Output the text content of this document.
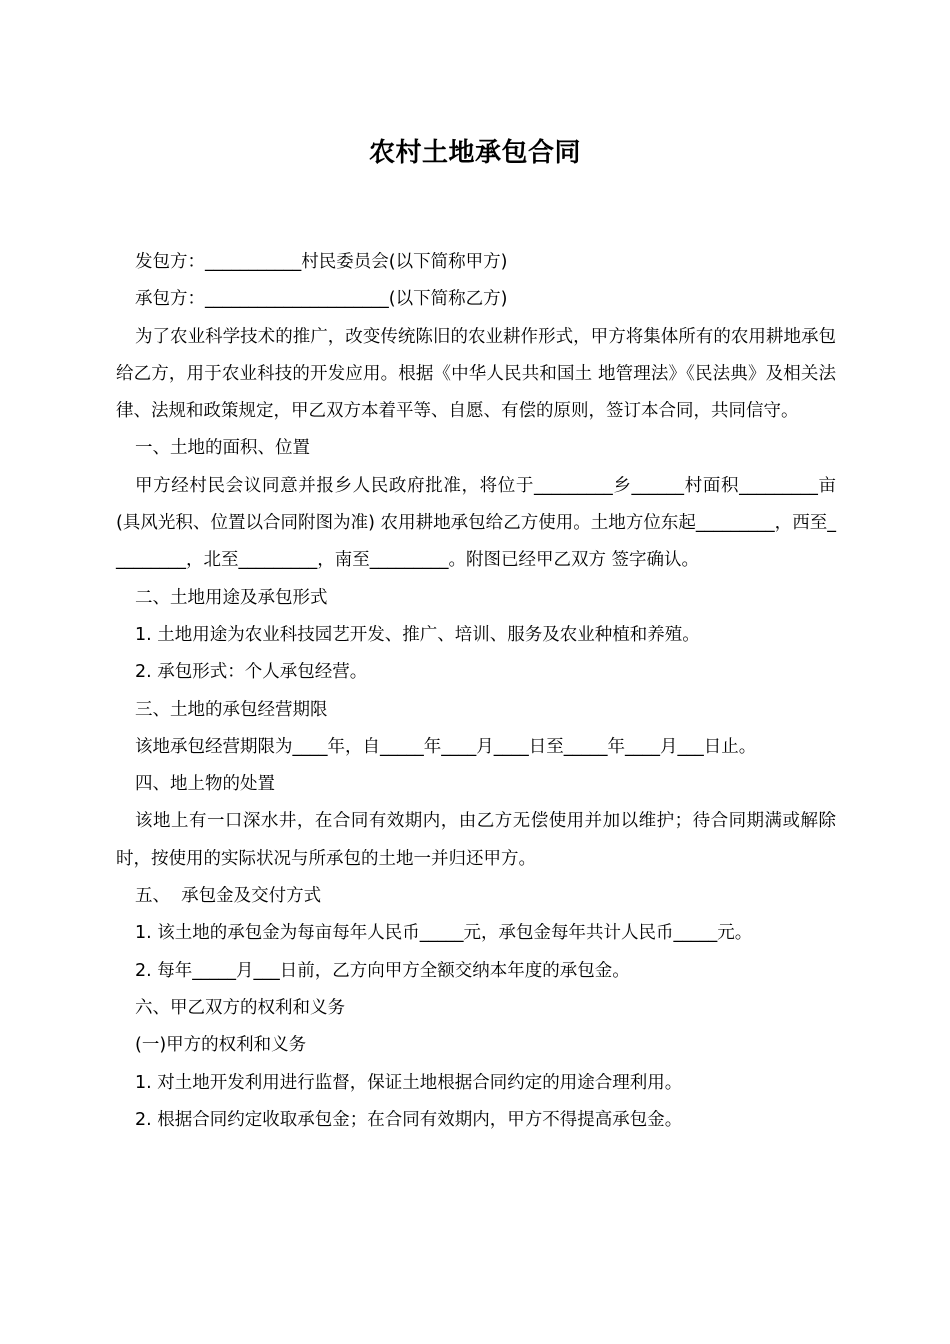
农村土地承包合同

发包方：___________村民委员会(以下简称甲方)

承包方：_____________________(以下简称乙方)

为了农业科学技术的推广，改变传统陈旧的农业耕作形式，甲方将集体所有的农用耕地承包给乙方，用于农业科技的开发应用。根据《中华人民共和国土 地管理法》《民法典》及相关法律、法规和政策规定，甲乙双方本着平等、自愿、有偿的原则，签订本合同，共同信守。

一、土地的面积、位置

甲方经村民会议同意并报乡人民政府批准，将位于_________乡______村面积_________亩(具风光积、位置以合同附图为准) 农用耕地承包给乙方使用。土地方位东起_________，西至_________，北至_________，南至_________。附图已经甲乙双方 签字确认。

二、土地用途及承包形式

1. 土地用途为农业科技园艺开发、推广、培训、服务及农业种植和养殖。

2. 承包形式：个人承包经营。

三、土地的承包经营期限

该地承包经营期限为____年，自_____年____月____日至_____年____月___日止。

四、地上物的处置

该地上有一口深水井，在合同有效期内，由乙方无偿使用并加以维护；待合同期满或解除时，按使用的实际状况与所承包的土地一并归还甲方。

五、  承包金及交付方式

1. 该土地的承包金为每亩每年人民币_____元，承包金每年共计人民币_____元。

2. 每年_____月___日前，乙方向甲方全额交纳本年度的承包金。

六、甲乙双方的权利和义务

(一)甲方的权利和义务

1. 对土地开发利用进行监督，保证土地根据合同约定的用途合理利用。

2. 根据合同约定收取承包金；在合同有效期内，甲方不得提高承包金。
